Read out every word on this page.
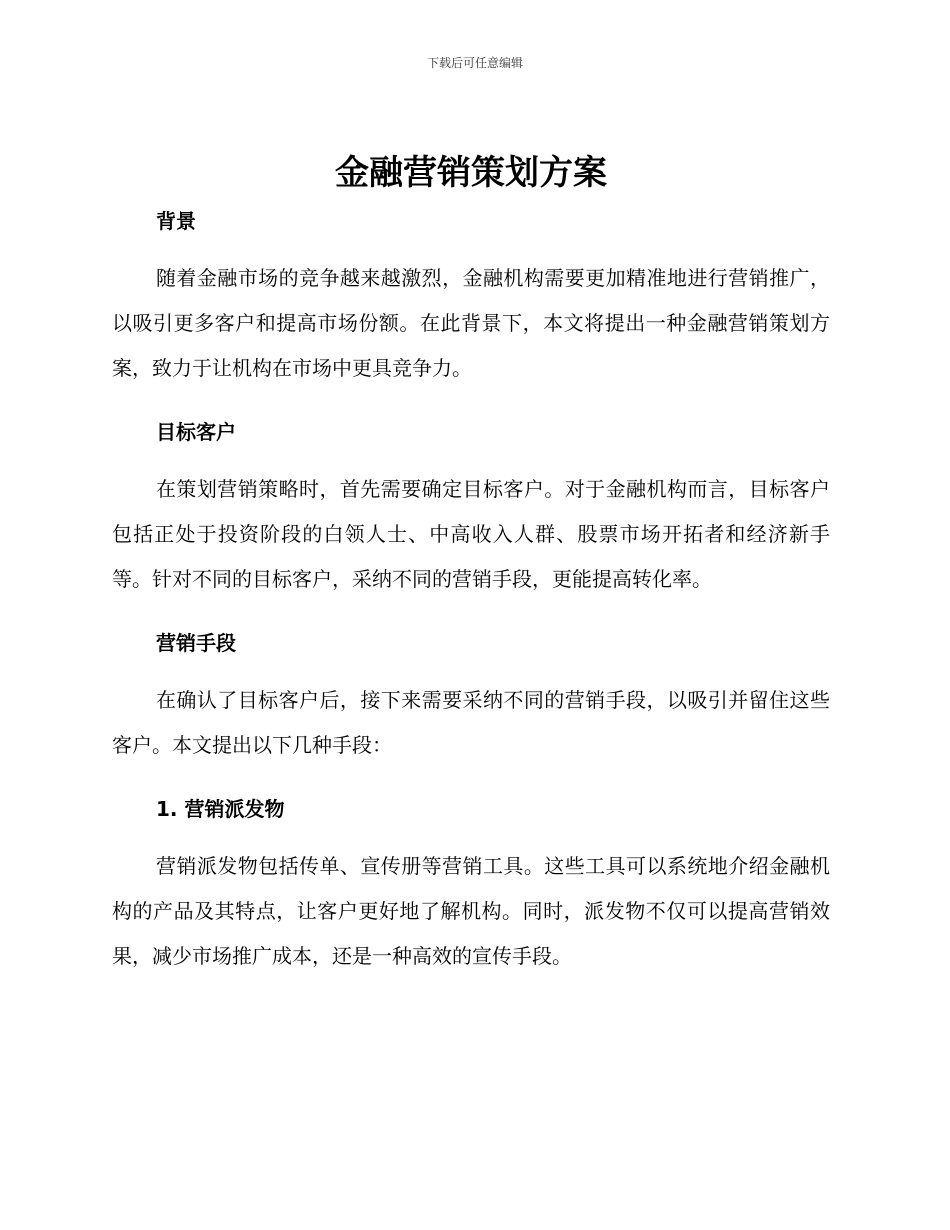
下载后可任意编辑
金融营销策划方案
背景

随着金融市场的竞争越来越激烈，金融机构需要更加精准地进行营销推广，以吸引更多客户和提高市场份额。在此背景下，本文将提出一种金融营销策划方案，致力于让机构在市场中更具竞争力。

目标客户

在策划营销策略时，首先需要确定目标客户。对于金融机构而言，目标客户包括正处于投资阶段的白领人士、中高收入人群、股票市场开拓者和经济新手等。针对不同的目标客户，采纳不同的营销手段，更能提高转化率。

营销手段

在确认了目标客户后，接下来需要采纳不同的营销手段，以吸引并留住这些客户。本文提出以下几种手段：

1. 营销派发物

营销派发物包括传单、宣传册等营销工具。这些工具可以系统地介绍金融机构的产品及其特点，让客户更好地了解机构。同时，派发物不仅可以提高营销效果，减少市场推广成本，还是一种高效的宣传手段。
